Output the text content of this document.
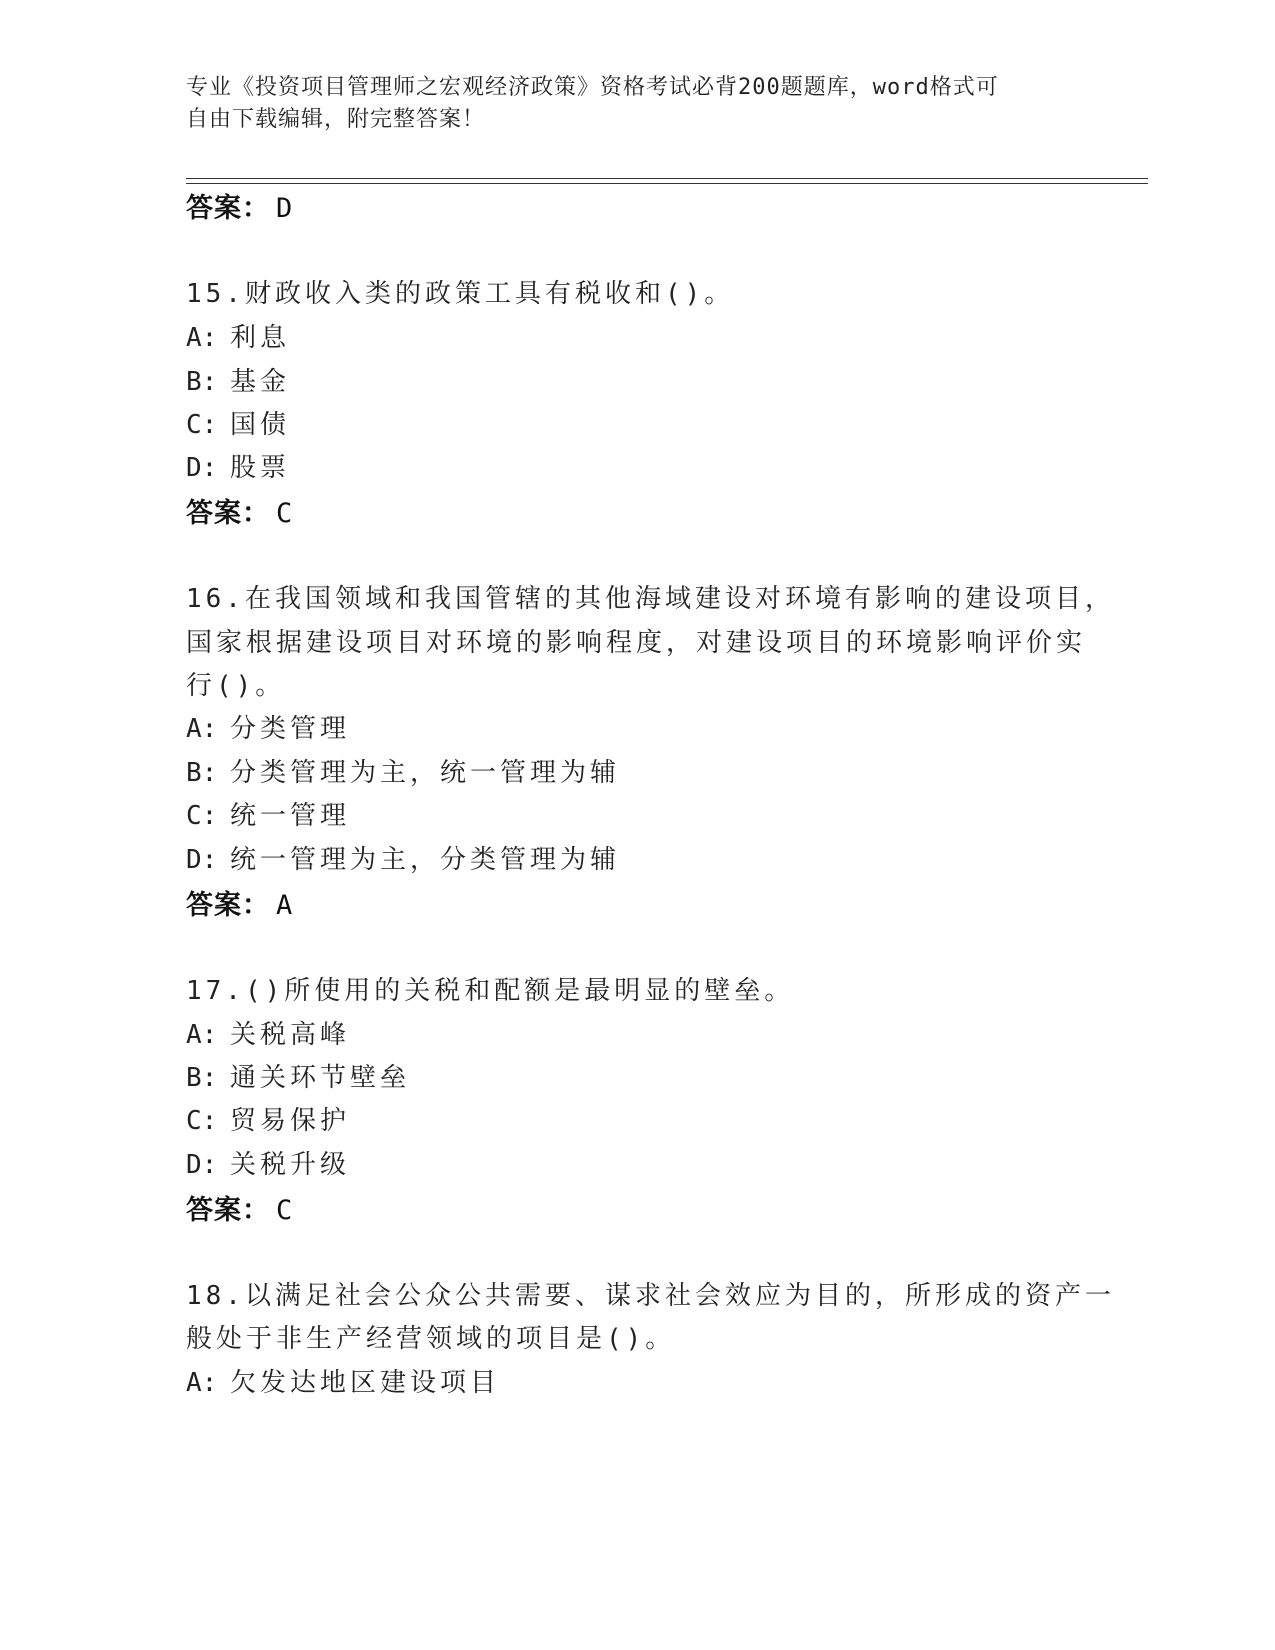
专业《投资项目管理师之宏观经济政策》资格考试必背200题题库，word格式可
自由下载编辑，附完整答案！
答案： D
15.财政收入类的政策工具有税收和()。
A: 利息
B: 基金
C: 国债
D: 股票
答案： C
16.在我国领域和我国管辖的其他海域建设对环境有影响的建设项目，
国家根据建设项目对环境的影响程度，对建设项目的环境影响评价实
行()。
A: 分类管理
B: 分类管理为主，统一管理为辅
C: 统一管理
D: 统一管理为主，分类管理为辅
答案： A
17.()所使用的关税和配额是最明显的壁垒。
A: 关税高峰
B: 通关环节壁垒
C: 贸易保护
D: 关税升级
答案： C
18.以满足社会公众公共需要、谋求社会效应为目的，所形成的资产一
般处于非生产经营领域的项目是()。
A: 欠发达地区建设项目
